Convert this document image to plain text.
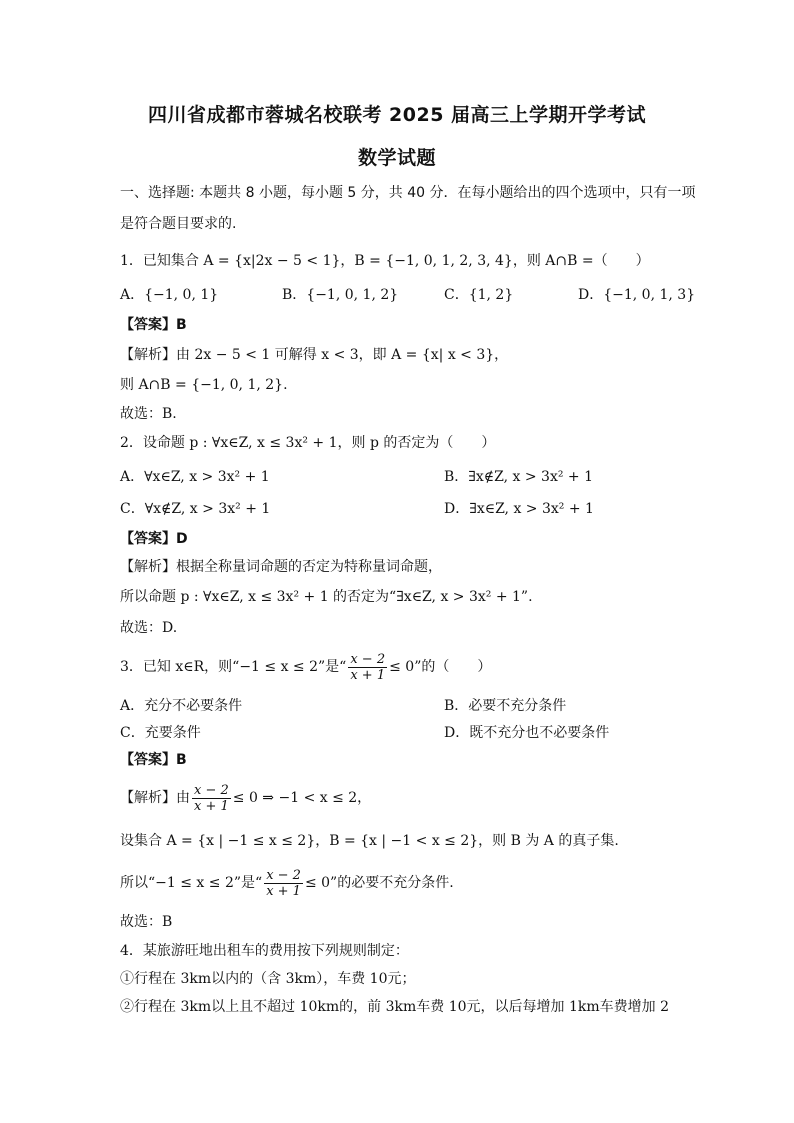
四川省成都市蓉城名校联考 2025 届高三上学期开学考试
数学试题
一、选择题: 本题共 8 小题，每小题 5 分，共 40 分．在每小题给出的四个选项中，只有一项
是符合题目要求的.
1．已知集合 A = {x|2x − 5 < 1}，B = {−1, 0, 1, 2, 3, 4}，则 A∩B =（　　）
A．{−1, 0, 1}	B．{−1, 0, 1, 2}	C．{1, 2}	D．{−1, 0, 1, 3}
【答案】B
【解析】由 2x − 5 < 1 可解得 x < 3，即 A = {x| x < 3}，
则 A∩B = {−1, 0, 1, 2}.
故选：B.
2．设命题 p : ∀x∈Z, x ≤ 3x² + 1，则 p 的否定为（　　）
A．∀x∈Z, x > 3x² + 1	B．∃x∉Z, x > 3x² + 1
C．∀x∉Z, x > 3x² + 1	D．∃x∈Z, x > 3x² + 1
【答案】D
【解析】根据全称量词命题的否定为特称量词命题，
所以命题 p : ∀x∈Z, x ≤ 3x² + 1 的否定为“∃x∈Z, x > 3x² + 1”.
故选：D.
3．已知 x∈R，则“−1 ≤ x ≤ 2”是“ $\frac{x - 2}{x + 1} \le 0$”的（　　）
A．充分不必要条件	B．必要不充分条件
C．充要条件	D．既不充分也不必要条件
【答案】B
【解析】由 $\frac{x - 2}{x + 1} \le 0$ ⇒ −1 < x ≤ 2，
设集合 A = {x | −1 ≤ x ≤ 2}，B = {x | −1 < x ≤ 2}，则 B 为 A 的真子集.
所以“−1 ≤ x ≤ 2”是“ $\frac{x - 2}{x + 1} \le 0$”的必要不充分条件.
故选：B
4．某旅游旺地出租车的费用按下列规则制定：
①行程在 3km以内的（含 3km），车费 10元；
②行程在 3km以上且不超过 10km的，前 3km车费 10元，以后每增加 1km车费增加 2
